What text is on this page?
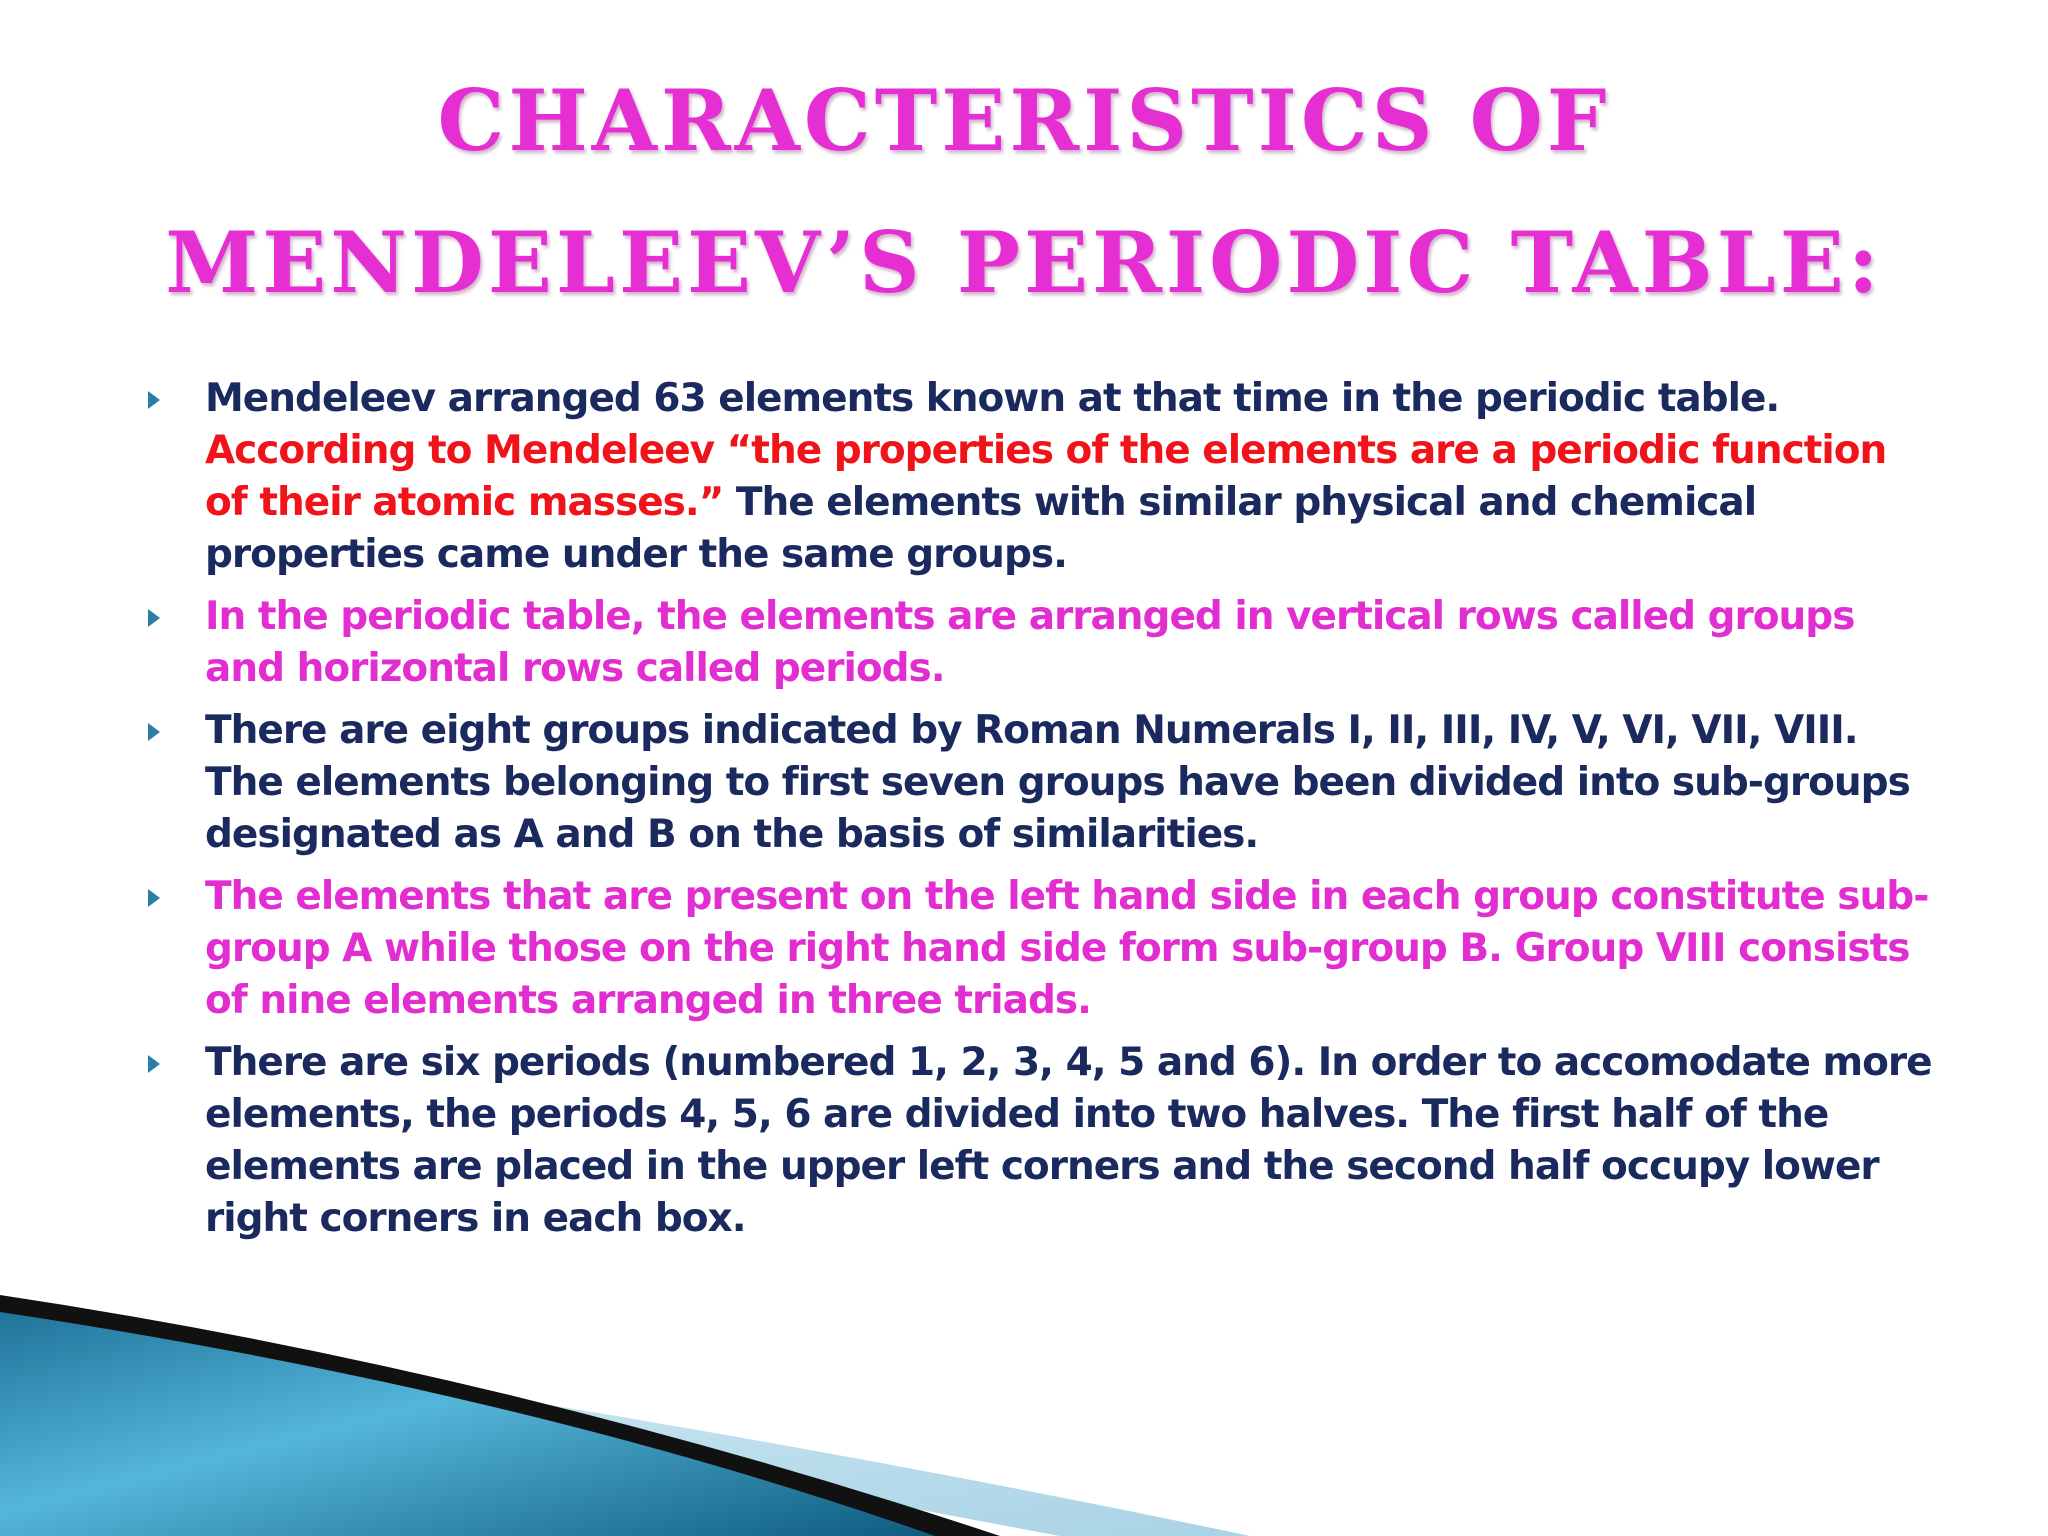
CHARACTERISTICS OF
MENDELEEV’S PERIODIC TABLE:
Mendeleev arranged 63 elements known at that time in the periodic table. According to Mendeleev “the properties of the elements are a periodic function of their atomic masses.” The elements with similar physical and chemical properties came under the same groups.
In the periodic table, the elements are arranged in vertical rows called groups and horizontal rows called periods.
There are eight groups indicated by Roman Numerals I, II, III, IV, V, VI, VII, VIII. The elements belonging to first seven groups have been divided into sub-groups designated as A and B on the basis of similarities.
The elements that are present on the left hand side in each group constitute sub-group A while those on the right hand side form sub-group B. Group VIII consists of nine elements arranged in three triads.
There are six periods (numbered 1, 2, 3, 4, 5 and 6). In order to accomodate more elements, the periods 4, 5, 6 are divided into two halves. The first half of the elements are placed in the upper left corners and the second half occupy lower right corners in each box.
